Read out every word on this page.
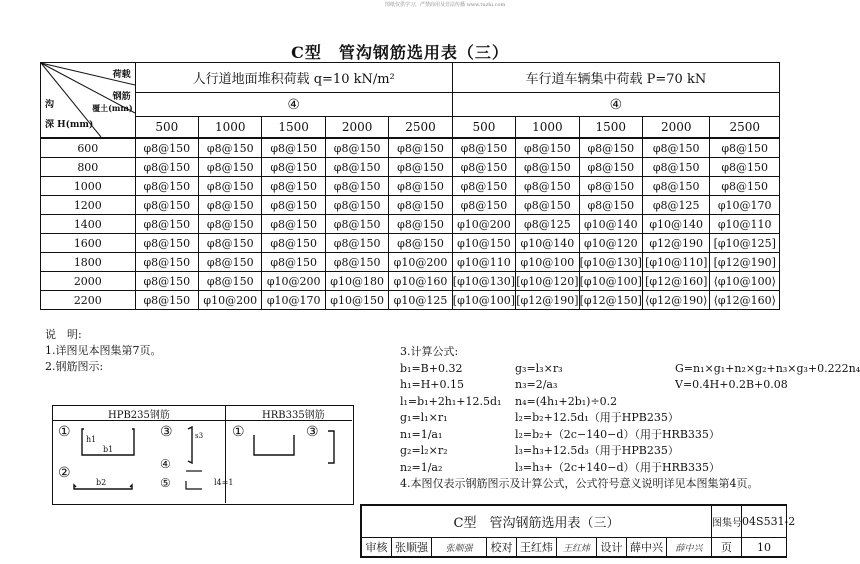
图纸仅供学习，严禁商用及非法传播 www.tuzhi.com
C型　管沟钢筋选用表（三）
荷载
钢筋
覆土(mm)
沟
深 H(mm)	人行道地面堆积荷载 q=10 kN/m²					车行道车辆集中荷载 P=70 kN				
	④					④				
	500	1000	1500	2000	2500	500	1000	1500	2000	2500
600	φ8@150	φ8@150	φ8@150	φ8@150	φ8@150	φ8@150	φ8@150	φ8@150	φ8@150	φ8@150
800	φ8@150	φ8@150	φ8@150	φ8@150	φ8@150	φ8@150	φ8@150	φ8@150	φ8@150	φ8@150
1000	φ8@150	φ8@150	φ8@150	φ8@150	φ8@150	φ8@150	φ8@150	φ8@150	φ8@150	φ8@150
1200	φ8@150	φ8@150	φ8@150	φ8@150	φ8@150	φ8@150	φ8@150	φ8@150	φ8@125	φ10@170
1400	φ8@150	φ8@150	φ8@150	φ8@150	φ8@150	φ10@200	φ8@125	φ10@140	φ10@140	φ10@110
1600	φ8@150	φ8@150	φ8@150	φ8@150	φ8@150	φ10@150	φ10@140	φ10@120	φ12@190	[φ10@125]
1800	φ8@150	φ8@150	φ8@150	φ8@150	φ10@200	φ10@110	φ10@100	[φ10@130]	[φ10@110]	[φ12@190]
2000	φ8@150	φ8@150	φ10@200	φ10@180	φ10@160	[φ10@130]	[φ10@120]	[φ10@100]	[φ12@160]	⟨φ10@100⟩
2200	φ8@150	φ10@200	φ10@170	φ10@150	φ10@125	[φ10@100]	[φ12@190]	[φ12@150]	⟨φ12@190⟩	⟨φ12@160⟩
说　明:
1.详图见本图集第7页。
2.钢筋图示:
HPB235钢筋	HRB335钢筋
①
②
③
④
⑤
①	③
h1
b1
b2
s3
l4=1
3.计算公式:
b₁=B+0.32	g₃=l₃×r₃	G=n₁×g₁+n₂×g₂+n₃×g₃+0.222n₄
h₁=H+0.15	n₃=2/a₃	V=0.4H+0.2B+0.08
l₁=b₁+2h₁+12.5d₁	n₄=(4h₁+2b₁)÷0.2
g₁=l₁×r₁	l₂=b₂+12.5d₁（用于HPB235）
n₁=1/a₁	l₂=b₂+（2c−140−d）（用于HRB335）
g₂=l₂×r₂	l₃=h₃+12.5d₃（用于HPB235）
n₂=1/a₂	l₃=h₃+（2c+140−d）（用于HRB335）
4.本图仅表示钢筋图示及计算公式，公式符号意义说明详见本图集第4页。
C型　管沟钢筋选用表（三）									图集号	04S531-2
审核	张顺强	张顺强	校对	王红炜	王红炜	设计	薛中兴	薛中兴	页	10
